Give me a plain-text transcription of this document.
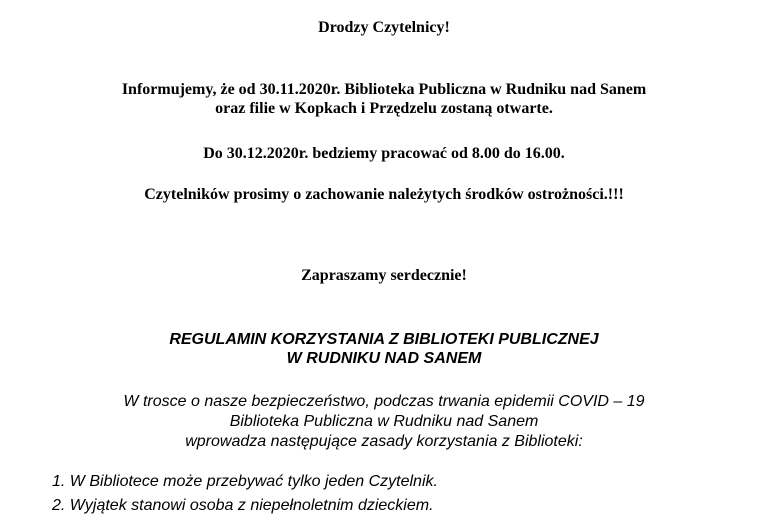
Drodzy Czytelnicy!

Informujemy, że od 30.11.2020r. Biblioteka Publiczna w Rudniku nad Sanem

oraz filie w Kopkach i Przędzelu zostaną otwarte.

Do 30.12.2020r. bedziemy pracować od 8.00 do 16.00.

Czytelników prosimy o zachowanie należytych środków ostrożności.!!!

Zapraszamy serdecznie!

REGULAMIN KORZYSTANIA Z BIBLIOTEKI PUBLICZNEJ

W RUDNIKU NAD SANEM

W trosce o nasze bezpieczeństwo, podczas trwania epidemii COVID – 19

Biblioteka Publiczna w Rudniku nad Sanem

wprowadza następujące zasady korzystania z Biblioteki:

1. W Bibliotece może przebywać tylko jeden Czytelnik.

2. Wyjątek stanowi osoba z niepełnoletnim dzieckiem.
